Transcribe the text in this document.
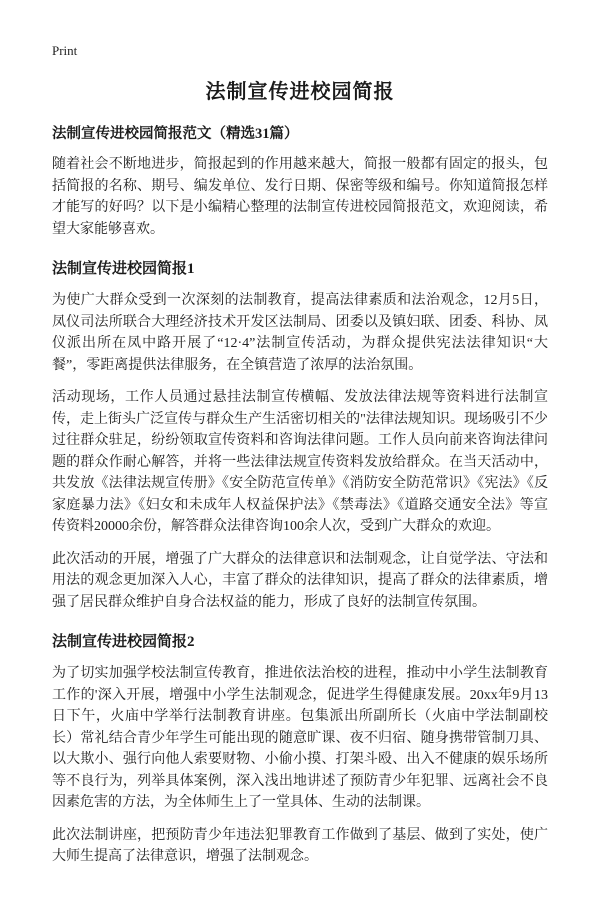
Print
法制宣传进校园简报
法制宣传进校园简报范文（精选31篇）

随着社会不断地进步，简报起到的作用越来越大，简报一般都有固定的报头，包括简报的名称、期号、编发单位、发行日期、保密等级和编号。你知道简报怎样才能写的好吗？以下是小编精心整理的法制宣传进校园简报范文，欢迎阅读，希望大家能够喜欢。

法制宣传进校园简报1

为使广大群众受到一次深刻的法制教育，提高法律素质和法治观念，12月5日，凤仪司法所联合大理经济技术开发区法制局、团委以及镇妇联、团委、科协、凤仪派出所在凤中路开展了“12·4”法制宣传活动，为群众提供宪法法律知识“大餐”，零距离提供法律服务，在全镇营造了浓厚的法治氛围。

活动现场，工作人员通过悬挂法制宣传横幅、发放法律法规等资料进行法制宣传，走上街头广泛宣传与群众生产生活密切相关的"法律法规知识。现场吸引不少过往群众驻足，纷纷领取宣传资料和咨询法律问题。工作人员向前来咨询法律问题的群众作耐心解答，并将一些法律法规宣传资料发放给群众。在当天活动中，共发放《法律法规宣传册》《安全防范宣传单》《消防安全防范常识》《宪法》《反家庭暴力法》《妇女和未成年人权益保护法》《禁毒法》《道路交通安全法》等宣传资料20000余份，解答群众法律咨询100余人次，受到广大群众的欢迎。

此次活动的开展，增强了广大群众的法律意识和法制观念，让自觉学法、守法和用法的观念更加深入人心，丰富了群众的法律知识，提高了群众的法律素质，增强了居民群众维护自身合法权益的能力，形成了良好的法制宣传氛围。

法制宣传进校园简报2

为了切实加强学校法制宣传教育，推进依法治校的进程，推动中小学生法制教育工作的'深入开展，增强中小学生法制观念，促进学生得健康发展。20xx年9月13日下午，火庙中学举行法制教育讲座。包集派出所副所长（火庙中学法制副校长）常礼结合青少年学生可能出现的随意旷课、夜不归宿、随身携带管制刀具、以大欺小、强行向他人索要财物、小偷小摸、打架斗殴、出入不健康的娱乐场所等不良行为，列举具体案例，深入浅出地讲述了预防青少年犯罪、远离社会不良因素危害的方法，为全体师生上了一堂具体、生动的法制课。

此次法制讲座，把预防青少年违法犯罪教育工作做到了基层、做到了实处，使广大师生提高了法律意识，增强了法制观念。
